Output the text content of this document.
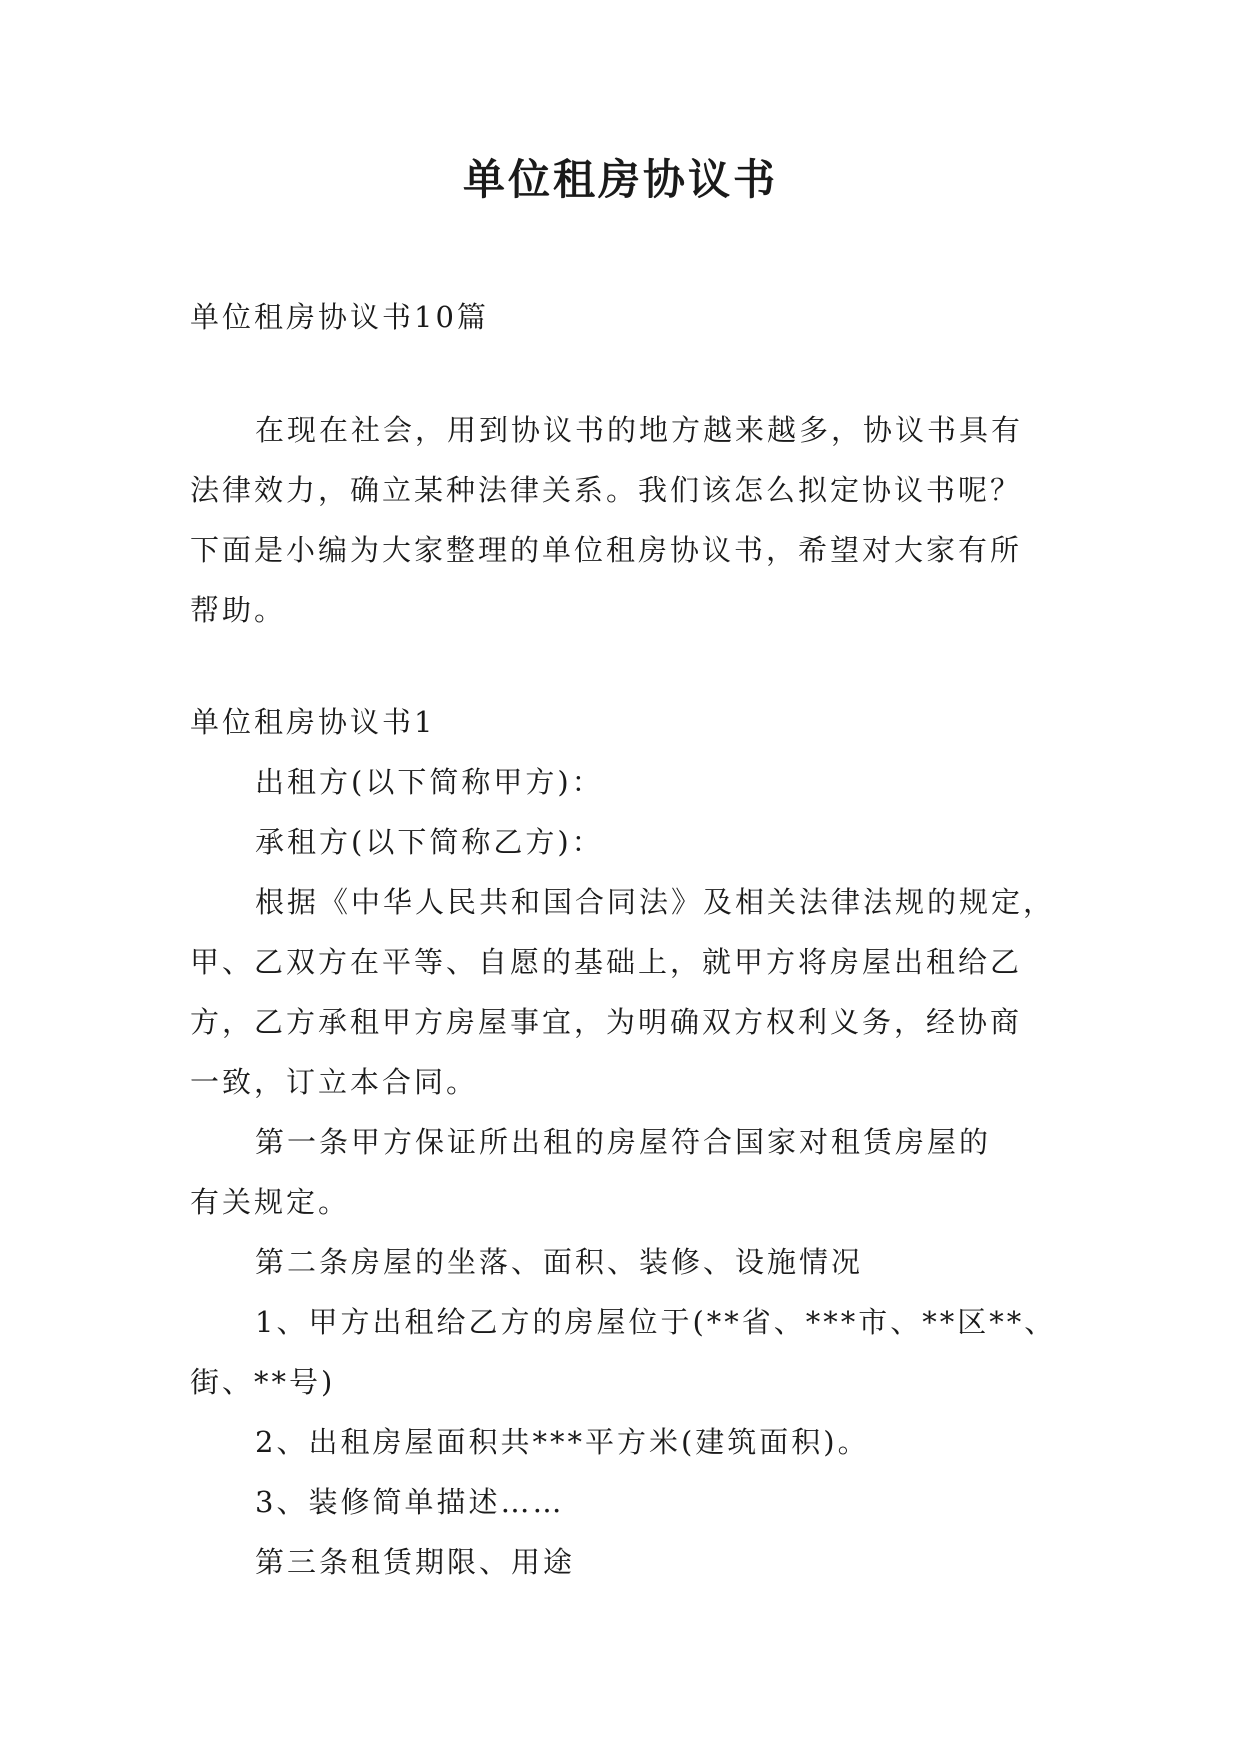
单位租房协议书

单位租房协议书10篇

在现在社会，用到协议书的地方越来越多，协议书具有

法律效力，确立某种法律关系。我们该怎么拟定协议书呢？

下面是小编为大家整理的单位租房协议书，希望对大家有所

帮助。

单位租房协议书1

出租方(以下简称甲方)：

承租方(以下简称乙方)：

根据《中华人民共和国合同法》及相关法律法规的规定，

甲、乙双方在平等、自愿的基础上，就甲方将房屋出租给乙

方，乙方承租甲方房屋事宜，为明确双方权利义务，经协商

一致，订立本合同。

第一条甲方保证所出租的房屋符合国家对租赁房屋的

有关规定。

第二条房屋的坐落、面积、装修、设施情况

1、甲方出租给乙方的房屋位于(**省、***市、**区**、

街、**号)

2、出租房屋面积共***平方米(建筑面积)。

3、装修简单描述……

第三条租赁期限、用途
